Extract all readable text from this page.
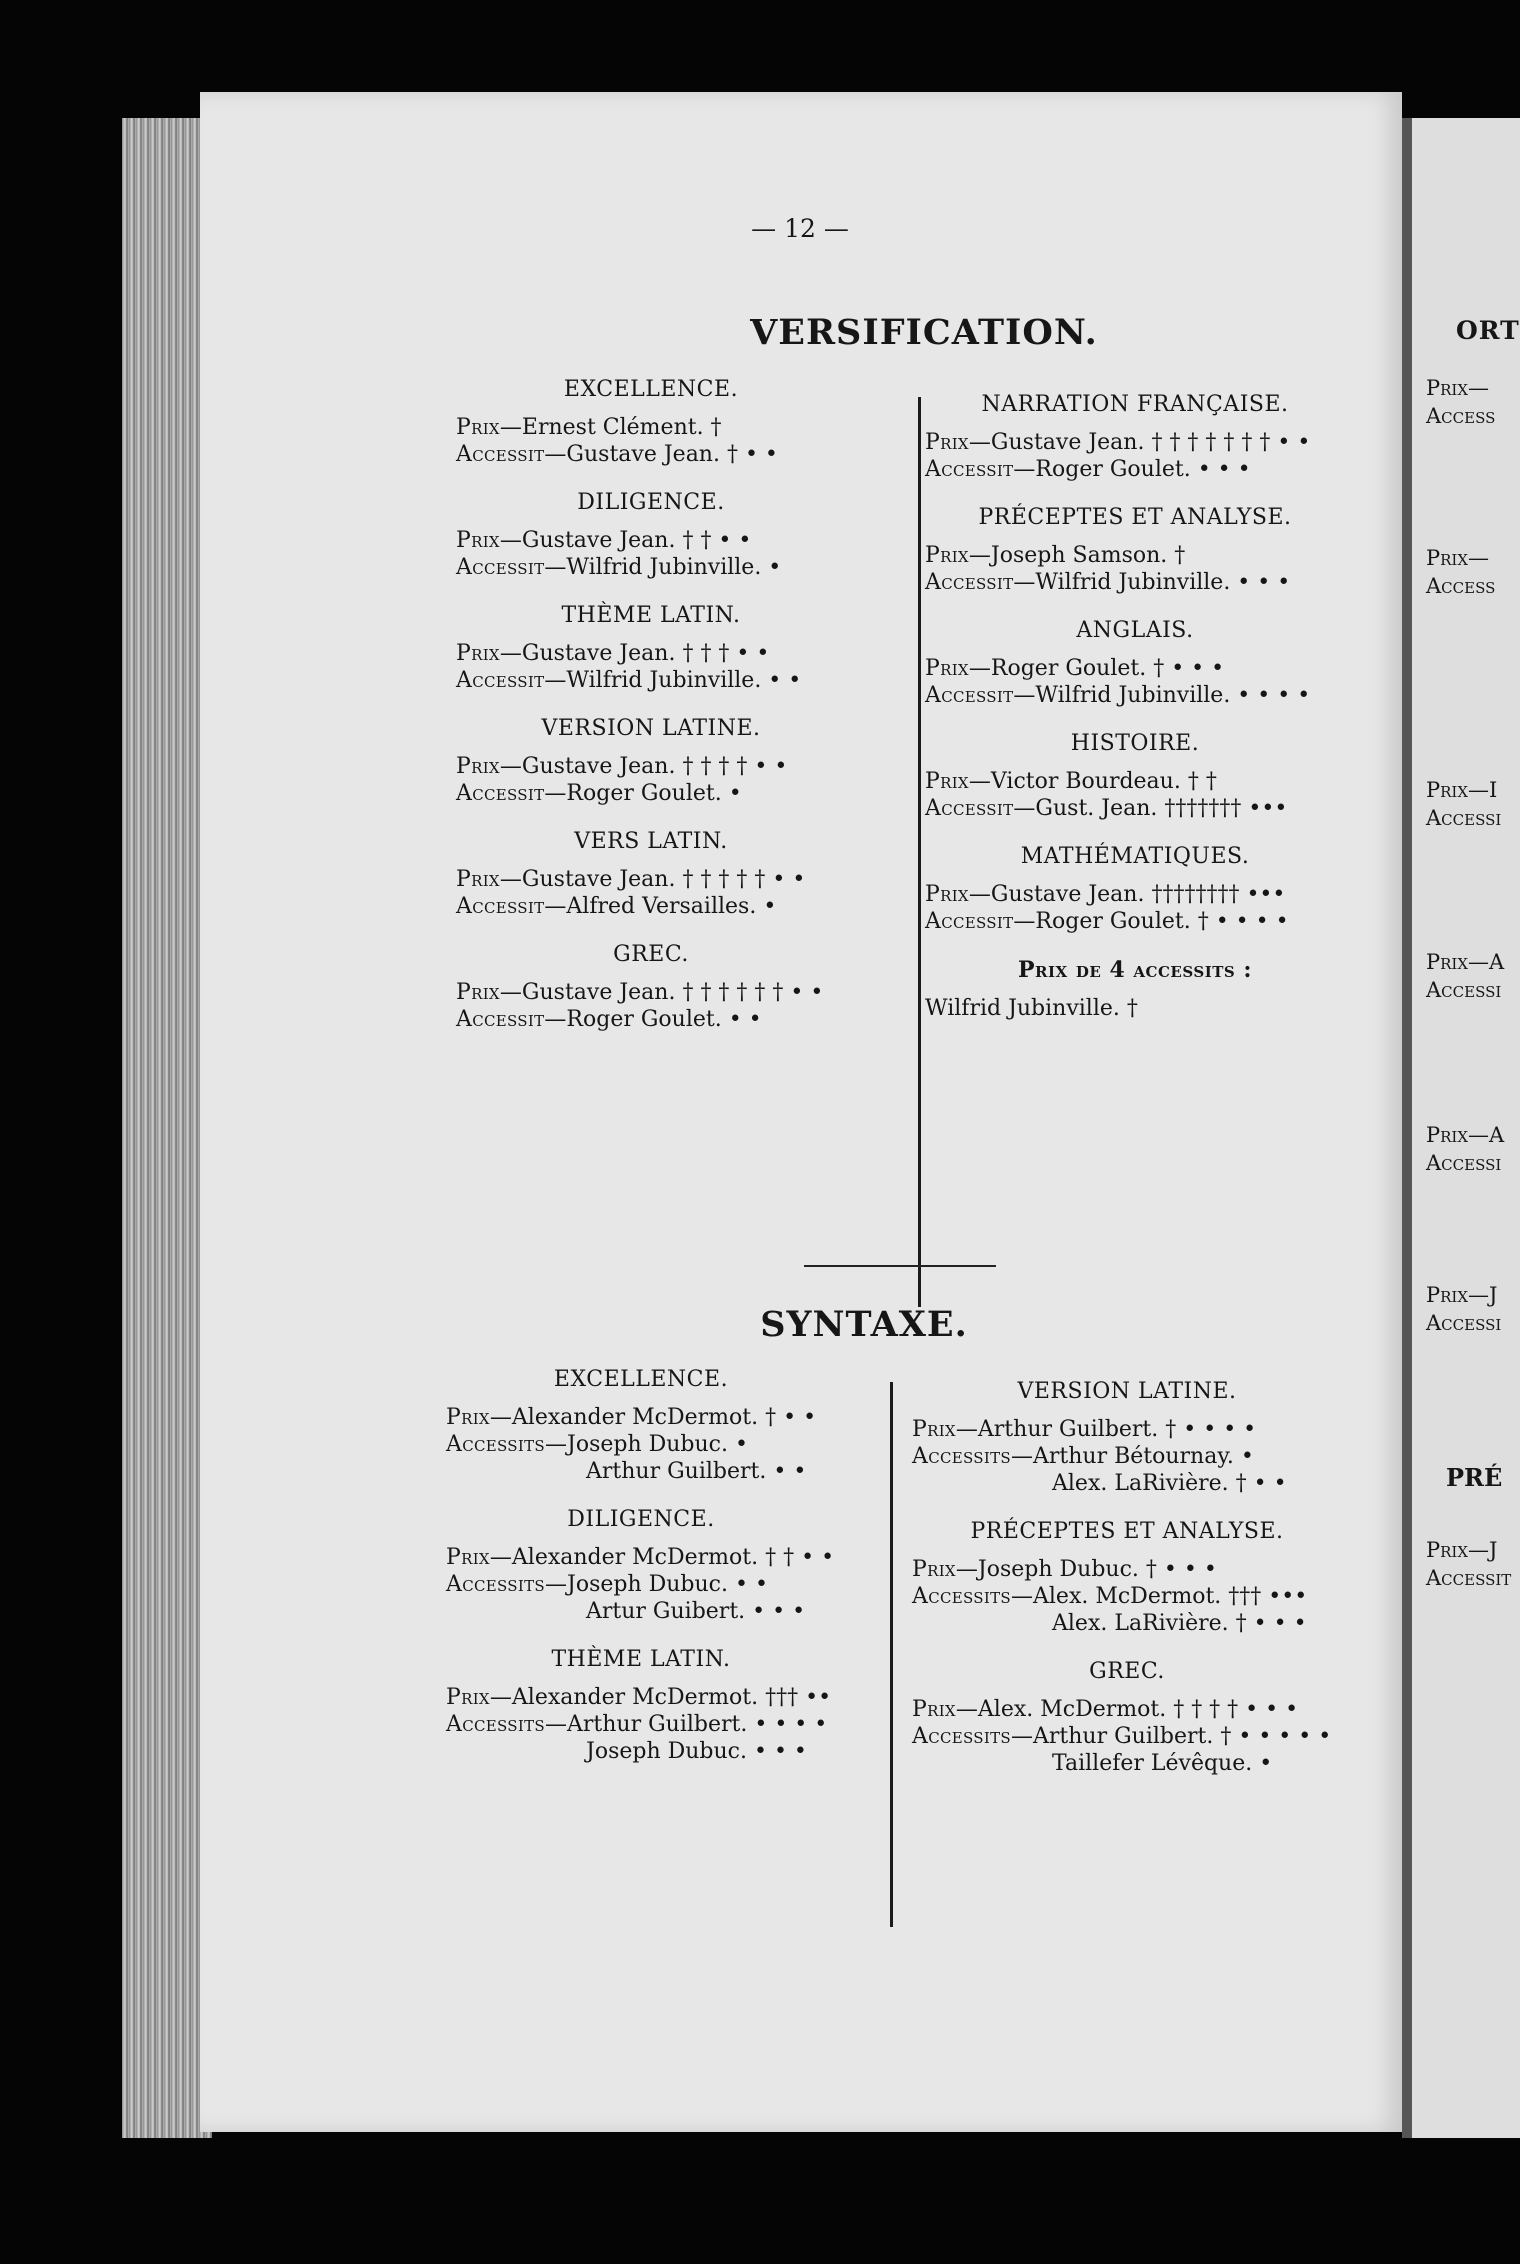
— 12 —
VERSIFICATION.
EXCELLENCE.
Prix—Ernest Clément. †
Accessit—Gustave Jean. † • •
DILIGENCE.
Prix—Gustave Jean. † † • •
Accessit—Wilfrid Jubinville. •
THÈME LATIN.
Prix—Gustave Jean. † † † • •
Accessit—Wilfrid Jubinville. • •
VERSION LATINE.
Prix—Gustave Jean. † † † † • •
Accessit—Roger Goulet. •
VERS LATIN.
Prix—Gustave Jean. † † † † † • •
Accessit—Alfred Versailles. •
GREC.
Prix—Gustave Jean. † † † † † † • •
Accessit—Roger Goulet. • •
NARRATION FRANÇAISE.
Prix—Gustave Jean. † † † † † † † • •
Accessit—Roger Goulet. • • •
PRÉCEPTES ET ANALYSE.
Prix—Joseph Samson. †
Accessit—Wilfrid Jubinville. • • •
ANGLAIS.
Prix—Roger Goulet. † • • •
Accessit—Wilfrid Jubinville. • • • •
HISTOIRE.
Prix—Victor Bourdeau. † †
Accessit—Gust. Jean. ††††††† •••
MATHÉMATIQUES.
Prix—Gustave Jean. †††††††† •••
Accessit—Roger Goulet. † • • • •
Prix de 4 accessits :
Wilfrid Jubinville. †
SYNTAXE.
EXCELLENCE.
Prix—Alexander McDermot. † • •
Accessits—Joseph Dubuc. •
Arthur Guilbert. • •
DILIGENCE.
Prix—Alexander McDermot. † † • •
Accessits—Joseph Dubuc. • •
Artur Guibert. • • •
THÈME LATIN.
Prix—Alexander McDermot. ††† ••
Accessits—Arthur Guilbert. • • • •
Joseph Dubuc. • • •
VERSION LATINE.
Prix—Arthur Guilbert. † • • • •
Accessits—Arthur Bétournay. •
Alex. LaRivière. † • •
PRÉCEPTES ET ANALYSE.
Prix—Joseph Dubuc. † • • •
Accessits—Alex. McDermot. ††† •••
Alex. LaRivière. † • • •
GREC.
Prix—Alex. McDermot. † † † † • • •
Accessits—Arthur Guilbert. † • • • • •
Taillefer Lévêque. •
ORT
Prix—
Access
Prix—
Access
Prix—I
Accessi
Prix—A
Accessi
Prix—A
Accessi
Prix—J
Accessi
PRÉ
Prix—J
Accessit
